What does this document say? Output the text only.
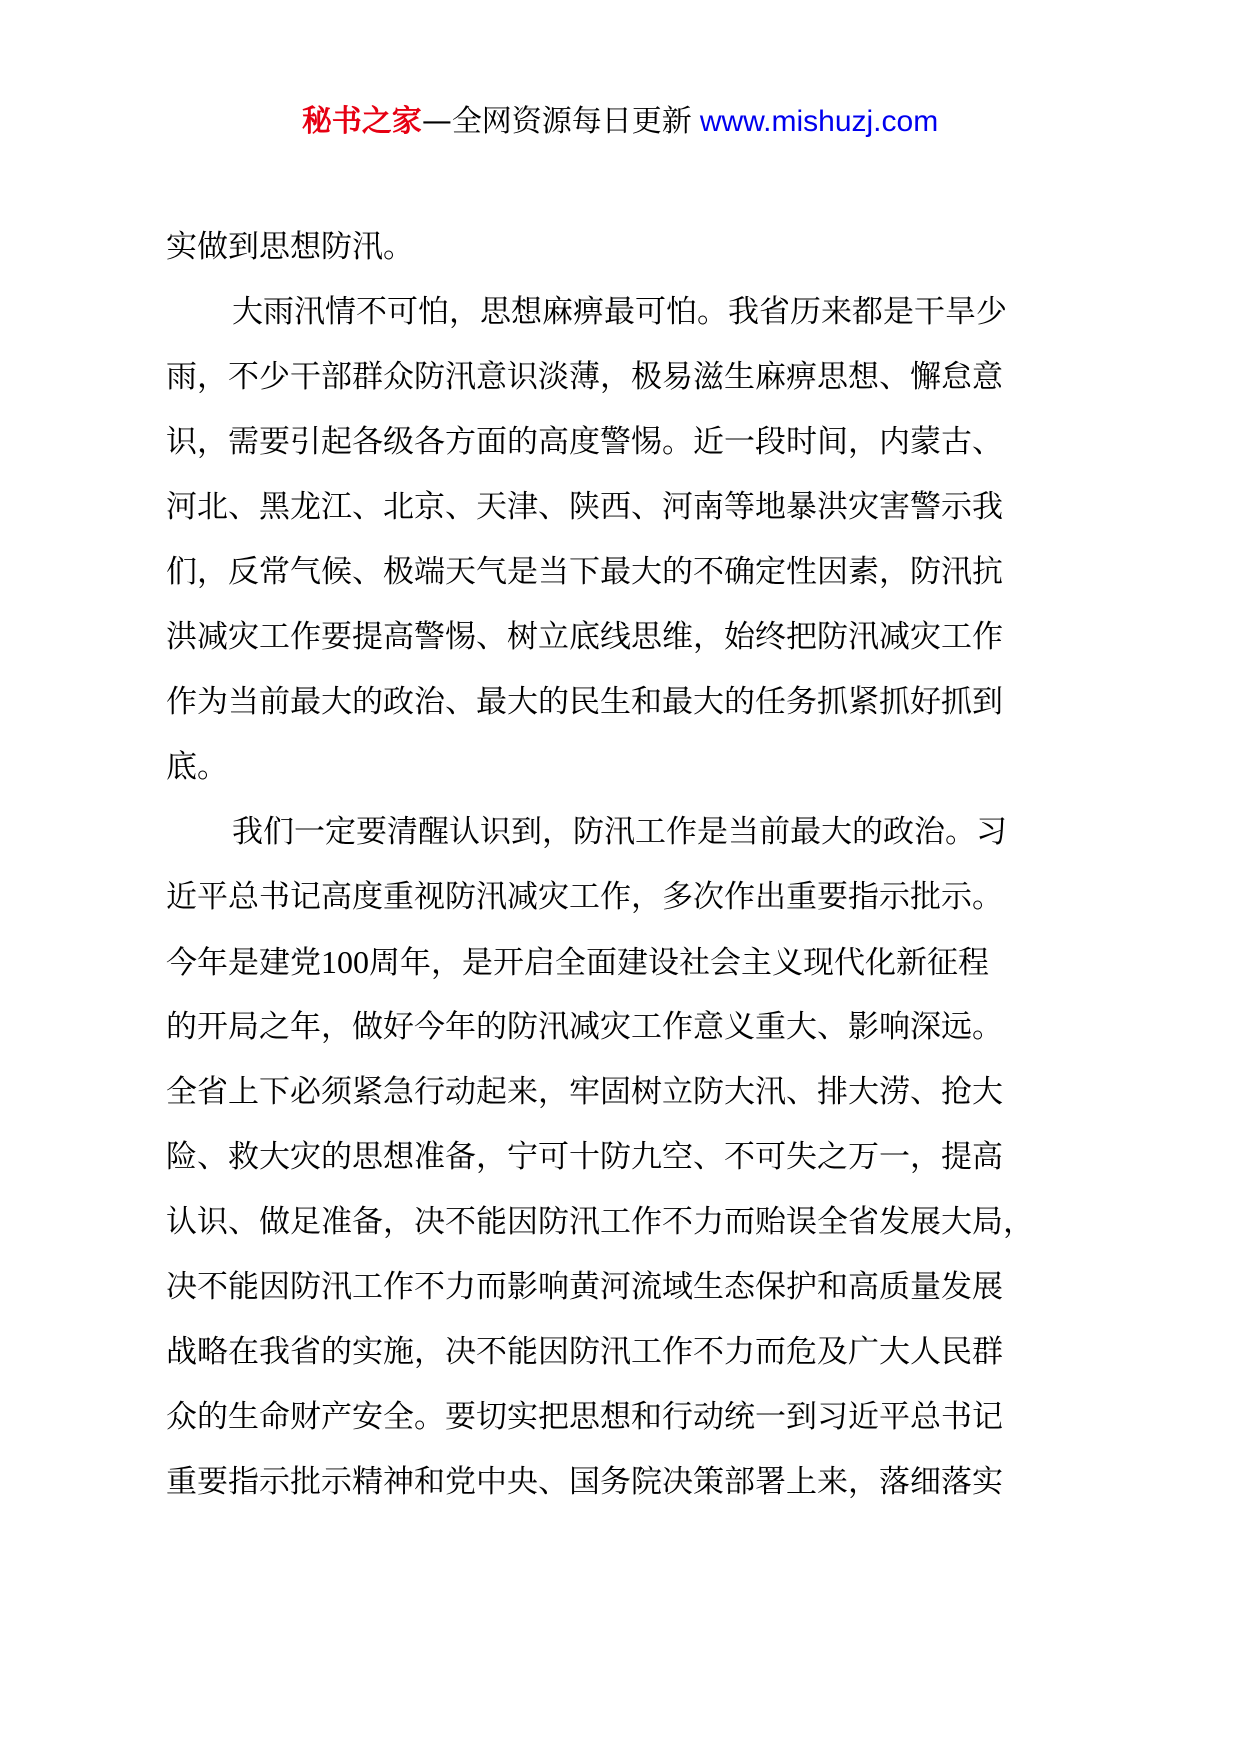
秘书之家—全网资源每日更新 www.mishuzj.com
实做到思想防汛。
大雨汛情不可怕，思想麻痹最可怕。我省历来都是干旱少
雨，不少干部群众防汛意识淡薄，极易滋生麻痹思想、懈怠意
识，需要引起各级各方面的高度警惕。近一段时间，内蒙古、
河北、黑龙江、北京、天津、陕西、河南等地暴洪灾害警示我
们，反常气候、极端天气是当下最大的不确定性因素，防汛抗
洪减灾工作要提高警惕、树立底线思维，始终把防汛减灾工作
作为当前最大的政治、最大的民生和最大的任务抓紧抓好抓到
底。
我们一定要清醒认识到，防汛工作是当前最大的政治。习
近平总书记高度重视防汛减灾工作，多次作出重要指示批示。
今年是建党100周年，是开启全面建设社会主义现代化新征程
的开局之年，做好今年的防汛减灾工作意义重大、影响深远。
全省上下必须紧急行动起来，牢固树立防大汛、排大涝、抢大
险、救大灾的思想准备，宁可十防九空、不可失之万一，提高
认识、做足准备，决不能因防汛工作不力而贻误全省发展大局，
决不能因防汛工作不力而影响黄河流域生态保护和高质量发展
战略在我省的实施，决不能因防汛工作不力而危及广大人民群
众的生命财产安全。要切实把思想和行动统一到习近平总书记
重要指示批示精神和党中央、国务院决策部署上来，落细落实
